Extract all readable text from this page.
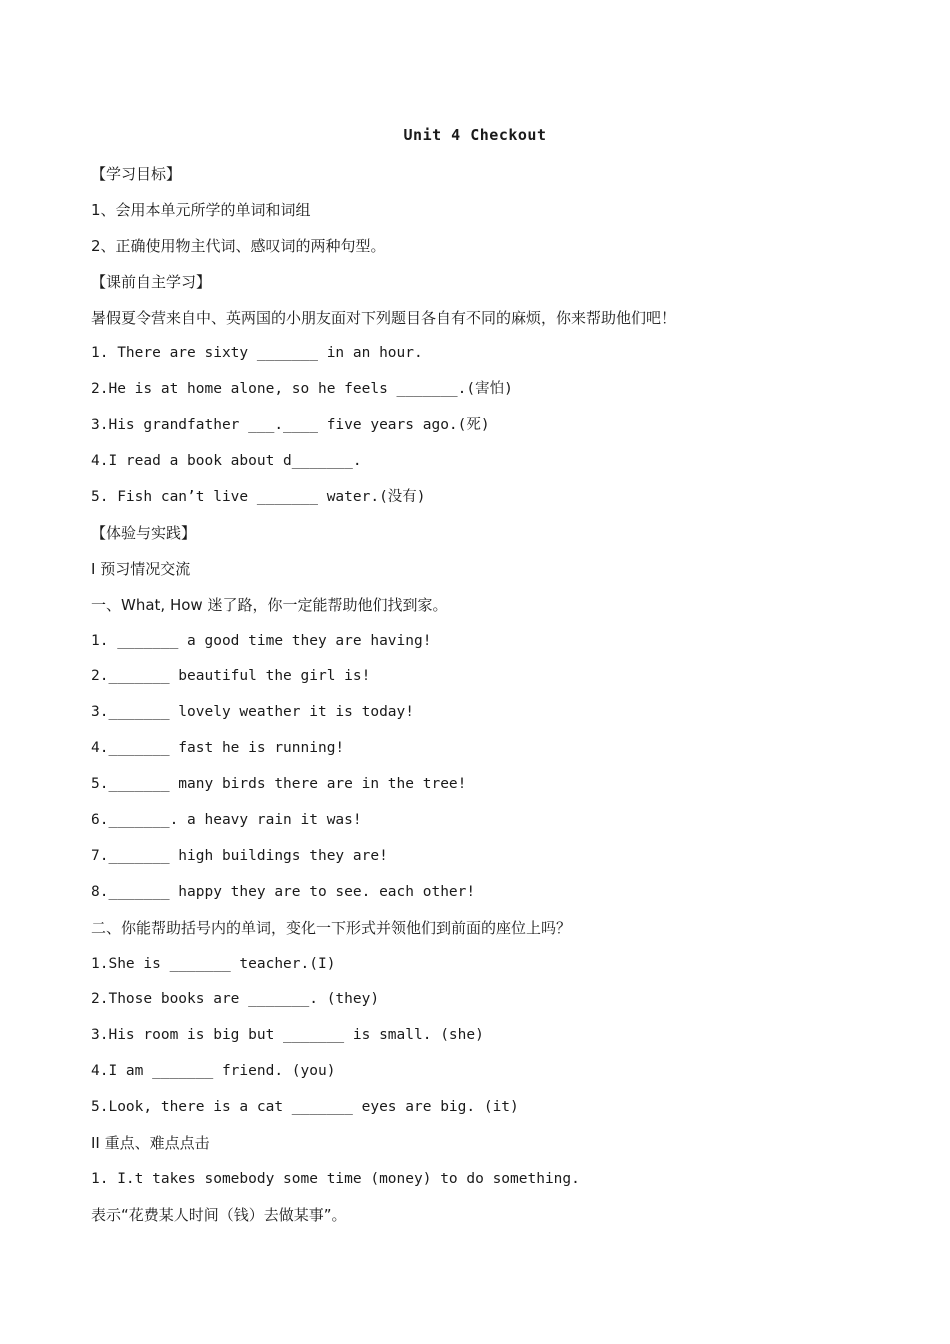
Unit 4 Checkout
【学习目标】
1、会用本单元所学的单词和词组
2、正确使用物主代词、感叹词的两种句型。
【课前自主学习】
暑假夏令营来自中、英两国的小朋友面对下列题目各自有不同的麻烦，你来帮助他们吧！
1. There are sixty _______ in an hour.
2.He is at home alone, so he feels _______.(害怕)
3.His grandfather ___.____ five years ago.(死)
4.I read a book about d_______.
5. Fish can’t live _______ water.(没有)
【体验与实践】
I 预习情况交流
一、What, How 迷了路，你一定能帮助他们找到家。
1. _______ a good time they are having!
2._______ beautiful the girl is!
3._______ lovely weather it is today!
4._______ fast he is running!
5._______ many birds there are in the tree!
6._______. a heavy rain it was!
7._______ high buildings they are!
8._______ happy they are to see. each other!
二、你能帮助括号内的单词，变化一下形式并领他们到前面的座位上吗？
1.She is _______ teacher.(I)
2.Those books are _______. (they)
3.His room is big but _______ is small. (she)
4.I am _______ friend. (you)
5.Look, there is a cat _______ eyes are big. (it)
II 重点、难点点击
1. I.t takes somebody some time (money) to do something.
表示“花费某人时间（钱）去做某事”。
